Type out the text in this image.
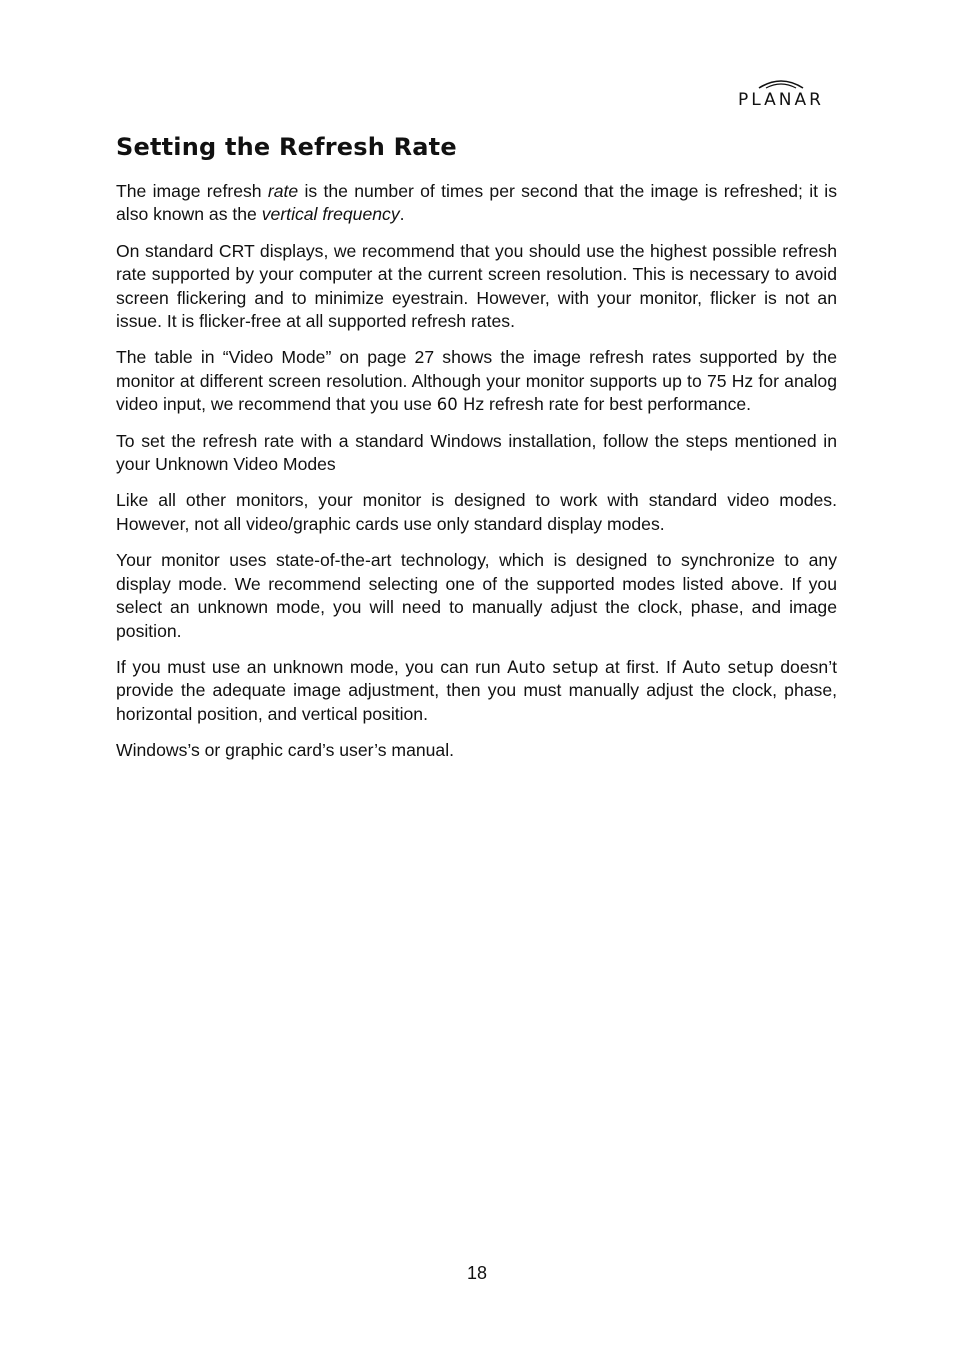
PLANAR
Setting the Refresh Rate

The image refresh rate is the number of times per second that the image is refreshed; it is also known as the vertical frequency.

On standard CRT displays, we recommend that you should use the highest possible refresh rate supported by your computer at the current screen resolution. This is necessary to avoid screen flickering and to minimize eyestrain. However, with your monitor, flicker is not an issue. It is flicker-free at all supported refresh rates.

The table in “Video Mode” on page 27 shows the image refresh rates supported by the monitor at different screen resolution. Although your monitor supports up to 75 Hz for analog video input, we recommend that you use 60 Hz refresh rate for best performance.

To set the refresh rate with a standard Windows installation, follow the steps mentioned in your Unknown Video Modes

Like all other monitors, your monitor is designed to work with standard video modes. However, not all video/graphic cards use only standard display modes.

Your monitor uses state-of-the-art technology, which is designed to synchronize to any display mode. We recommend selecting one of the supported modes listed above. If you select an unknown mode, you will need to manually adjust the clock, phase, and image position.

If you must use an unknown mode, you can run Auto setup at first. If Auto setup doesn’t provide the adequate image adjustment, then you must manually adjust the clock, phase, horizontal position, and vertical position.

Windows’s or graphic card’s user’s manual.

18
